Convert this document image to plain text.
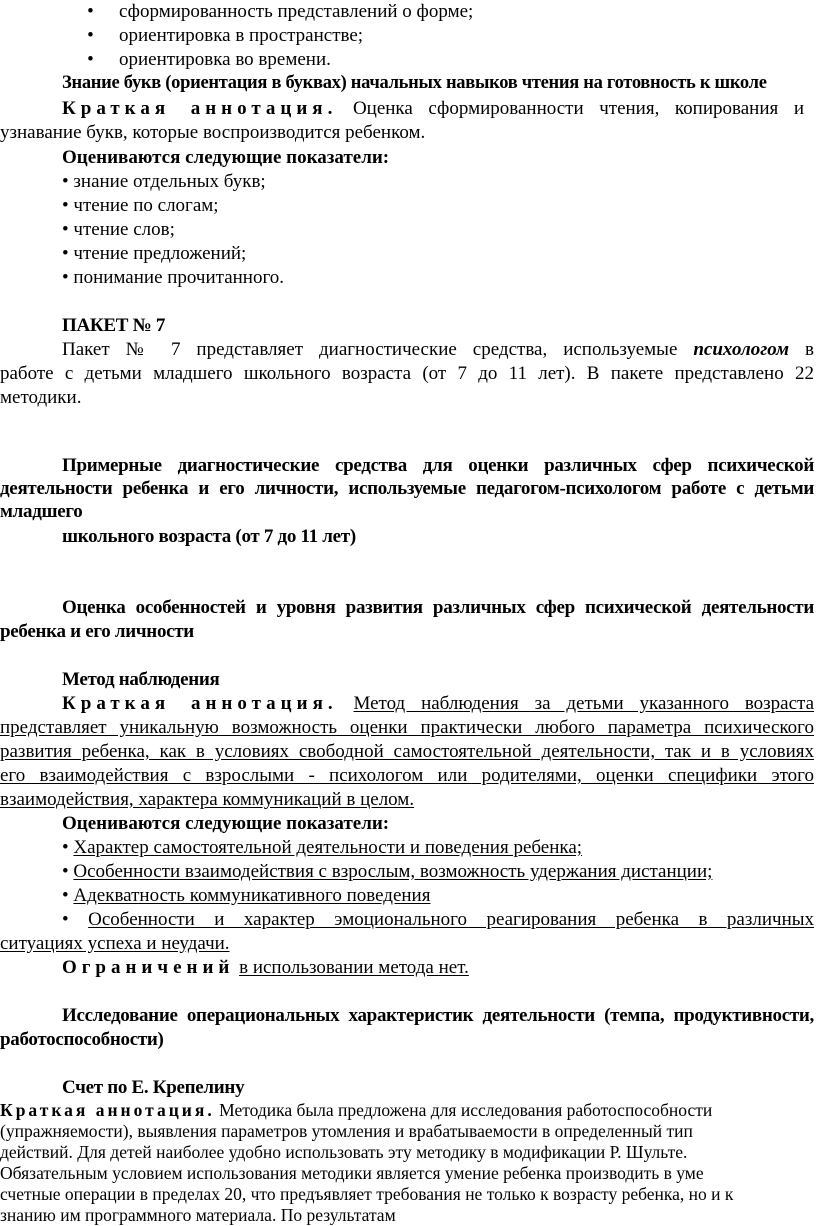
• сформированность представлений о форме;
• ориентировка в пространстве;
• ориентировка во времени.
Знание букв (ориентация в буквах) начальных навыков чтения на готовность к школе
Краткая аннотация. Оценка сформированности чтения, копирования и
узнавание букв, которые воспроизводится ребенком.
Оцениваются следующие показатели:
• знание отдельных букв;
• чтение по слогам;
• чтение слов;
• чтение предложений;
• понимание прочитанного.
ПАКЕТ № 7
Пакет № 7 представляет диагностические средства, используемые психологом в
работе с детьми младшего школьного возраста (от 7 до 11 лет). В пакете представлено 22
методики.
Примерные диагностические средства для оценки различных сфер психической
деятельности ребенка и его личности, используемые педагогом-психологом работе с детьми
младшего
школьного возраста (от 7 до 11 лет)
Оценка особенностей и уровня развития различных сфер психической деятельности
ребенка и его личности
Метод наблюдения
Краткая аннотация. Метод наблюдения за детьми указанного возраста
представляет уникальную возможность оценки практически любого параметра психического
развития ребенка, как в условиях свободной самостоятельной деятельности, так и в условиях
его взаимодействия с взрослыми - психологом или родителями, оценки специфики этого
взаимодействия, характера коммуникаций в целом.
Оцениваются следующие показатели:
• Характер самостоятельной деятельности и поведения ребенка;
• Особенности взаимодействия с взрослым, возможность удержания дистанции;
• Адекватность коммуникативного поведения
• Особенности и характер эмоционального реагирования ребенка в различных
ситуациях успеха и неудачи.
Ограничений в использовании метода нет.
Исследование операциональных характеристик деятельности (темпа, продуктивности,
работоспособности)
Счет по Е. Крепелину
Краткая аннотация. Методика была предложена для исследования работоспособности
(упражняемости), выявления параметров утомления и врабатываемости в определенный тип
действий. Для детей наиболее удобно использовать эту методику в модификации Р. Шульте.
Обязательным условием использования методики является умение ребенка производить в уме
счетные операции в пределах 20, что предъявляет требования не только к возрасту ребенка, но и к
знанию им программного материала. По результатам
